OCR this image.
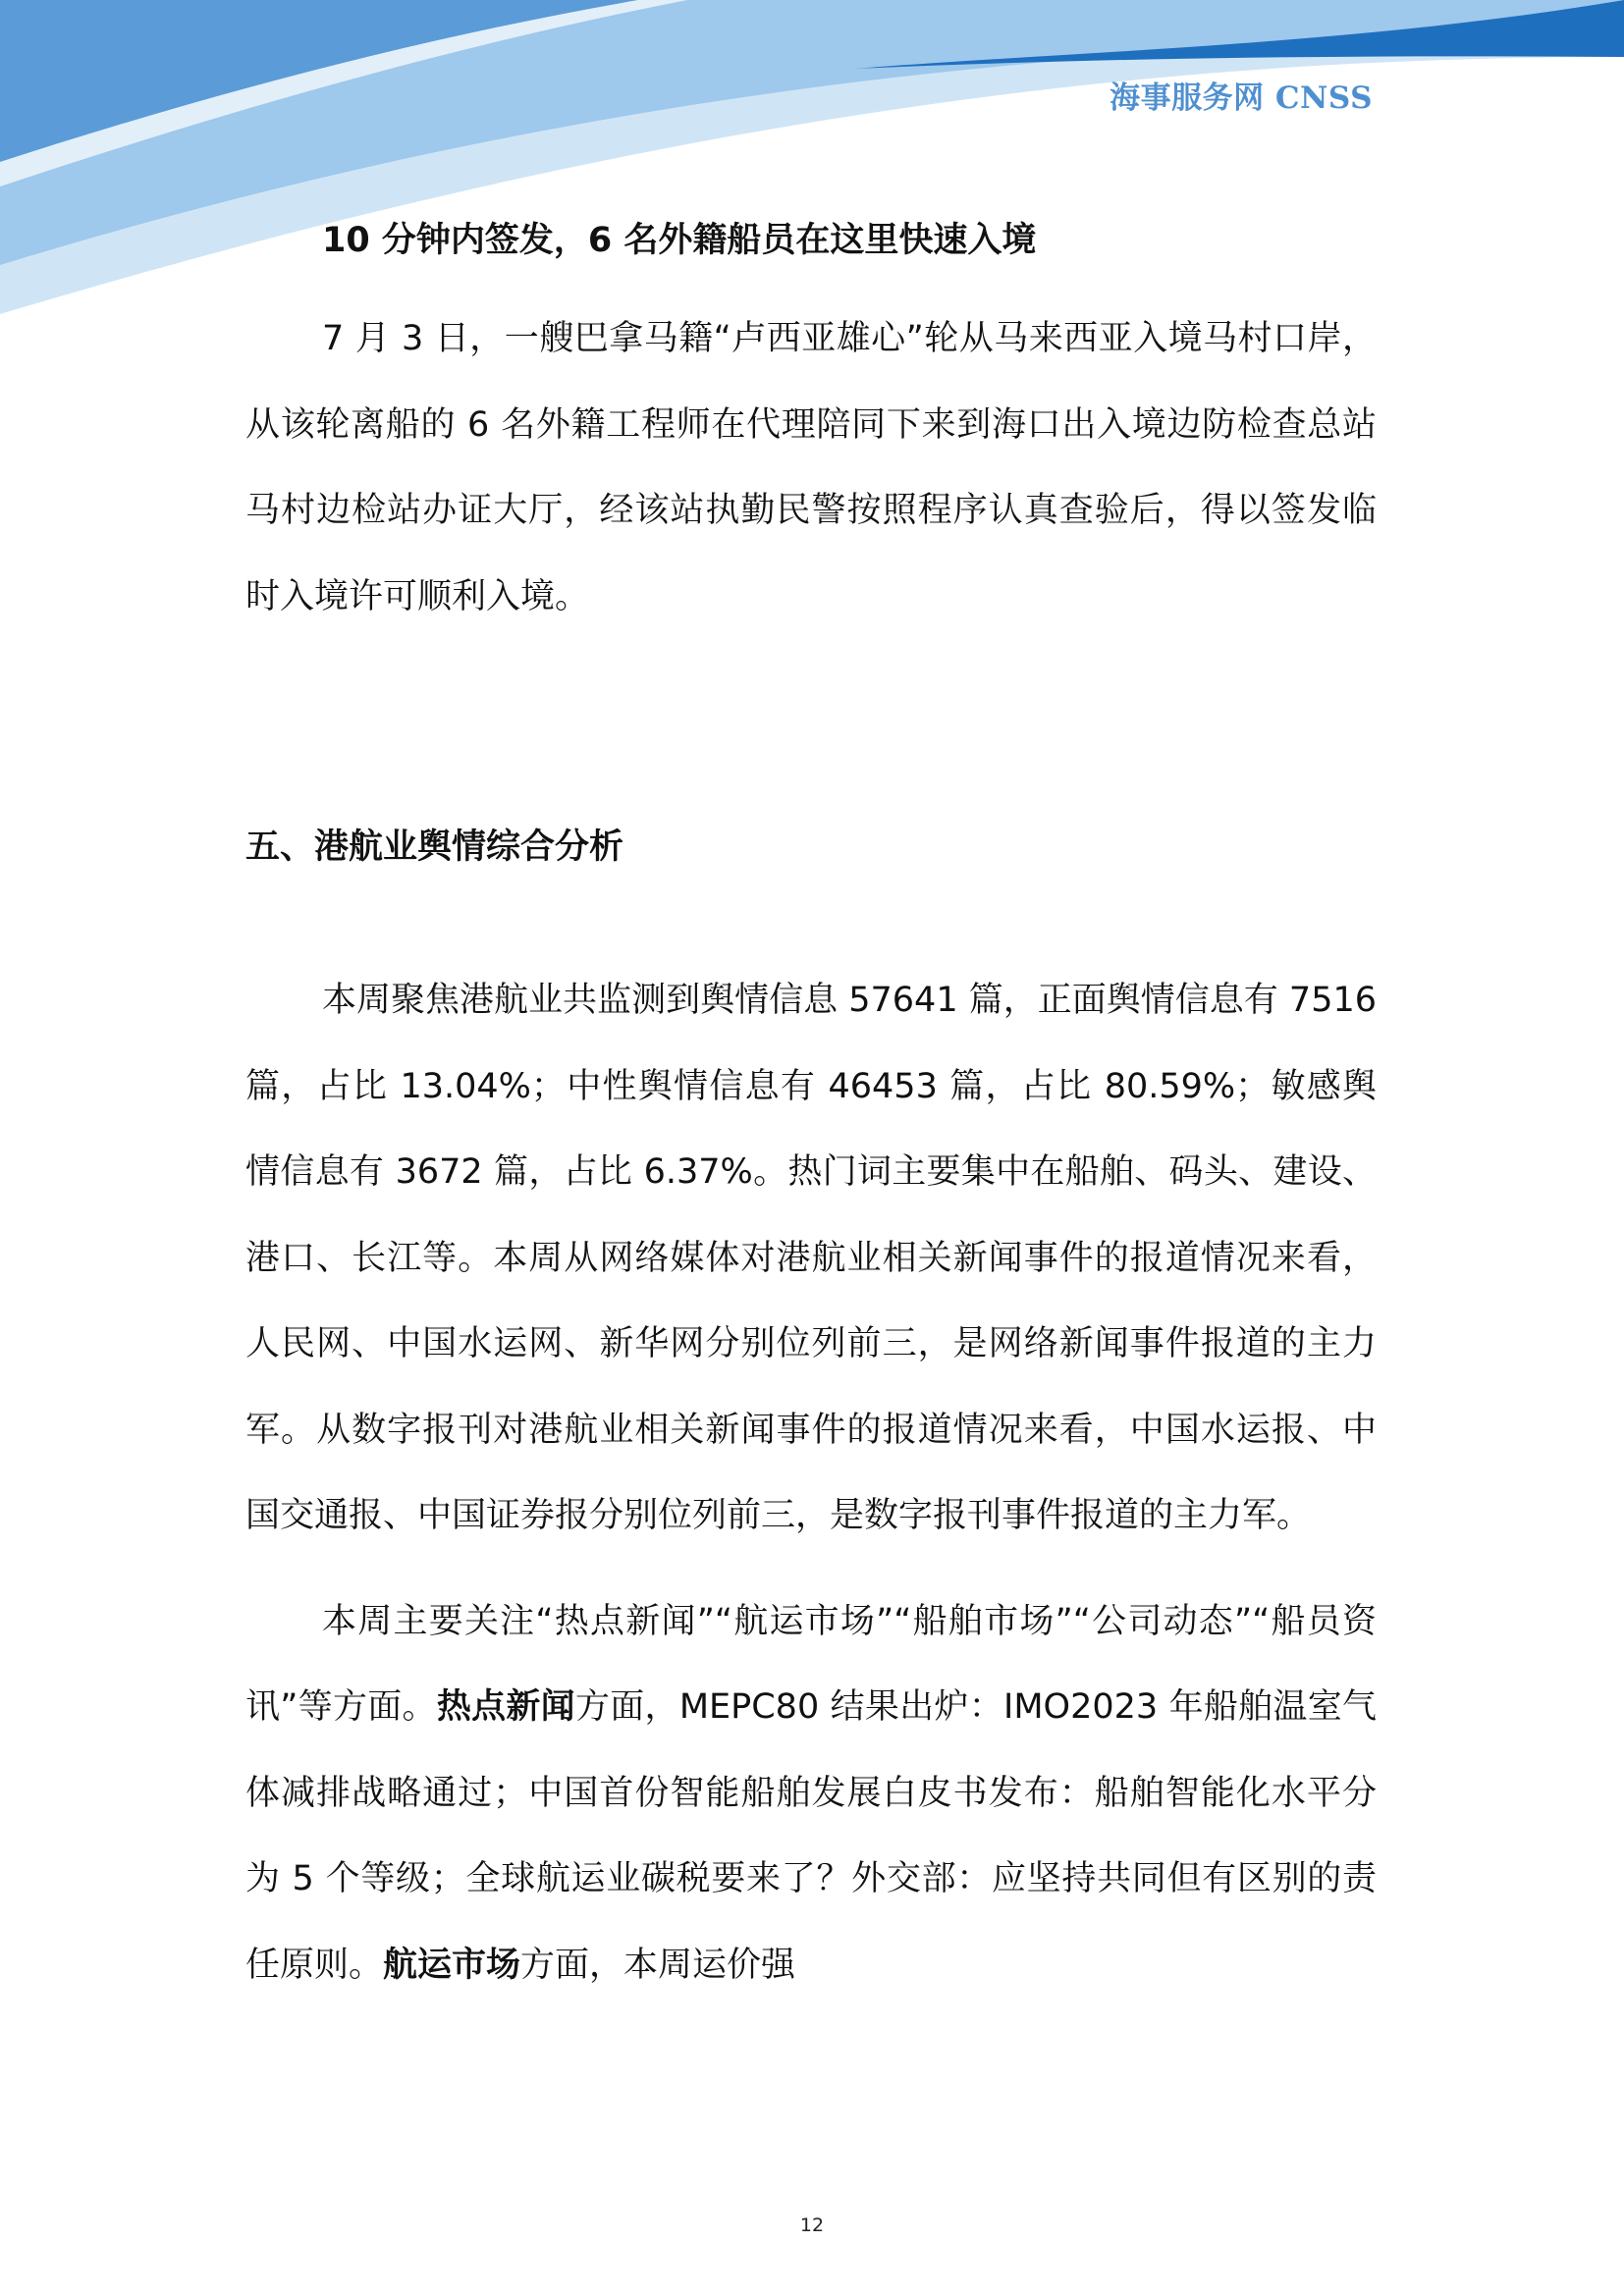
海事服务网 CNSS
10 分钟内签发，6 名外籍船员在这里快速入境

7 月 3 日，一艘巴拿马籍“卢西亚雄心”轮从马来西亚入境马村口岸，从该轮离船的 6 名外籍工程师在代理陪同下来到海口出入境边防检查总站马村边检站办证大厅，经该站执勤民警按照程序认真查验后，得以签发临时入境许可顺利入境。

五、港航业舆情综合分析

本周聚焦港航业共监测到舆情信息 57641 篇，正面舆情信息有 7516 篇，占比 13.04%；中性舆情信息有 46453 篇，占比 80.59%；敏感舆情信息有 3672 篇，占比 6.37%。热门词主要集中在船舶、码头、建设、港口、长江等。本周从网络媒体对港航业相关新闻事件的报道情况来看，人民网、中国水运网、新华网分别位列前三，是网络新闻事件报道的主力军。从数字报刊对港航业相关新闻事件的报道情况来看，中国水运报、中国交通报、中国证券报分别位列前三，是数字报刊事件报道的主力军。

本周主要关注“热点新闻”“航运市场”“船舶市场”“公司动态”“船员资讯”等方面。热点新闻方面，MEPC80 结果出炉：IMO2023 年船舶温室气体减排战略通过；中国首份智能船舶发展白皮书发布：船舶智能化水平分为 5 个等级；全球航运业碳税要来了？外交部：应坚持共同但有区别的责任原则。航运市场方面，本周运价强

12
